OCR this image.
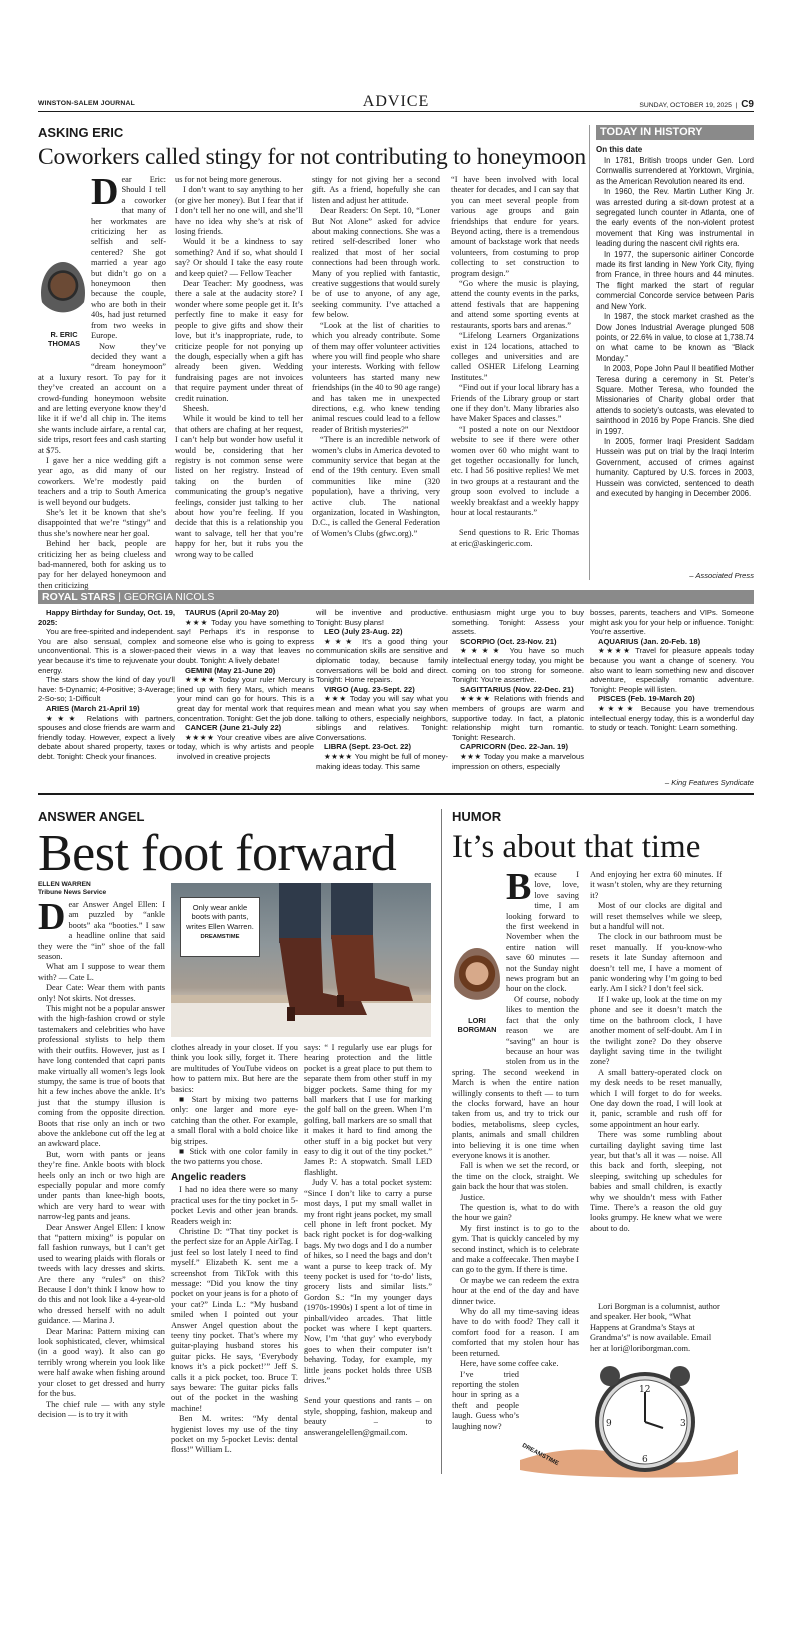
WINSTON-SALEM JOURNAL	ADVICE	SUNDAY, OCTOBER 19, 2025  |  C9
ASKING ERIC
Coworkers called stingy for not contributing to honeymoon

Dear Eric: Should I tell a coworker that many of her workmates are criticizing her as selfish and self-centered? She got married a year ago but didn’t go on a honeymoon then because the couple, who are both in their 40s, had just returned from two weeks in Europe.

Now they’ve decided they want a “dream honeymoon” at a luxury resort. To pay for it they’ve created an account on a crowd-funding honeymoon website and are letting everyone know they’d like it if we’d all chip in. The items she wants include airfare, a rental car, side trips, resort fees and cash starting at $75.

I gave her a nice wedding gift a year ago, as did many of our coworkers. We’re modestly paid teachers and a trip to South America is well beyond our budgets.

She’s let it be known that she’s disappointed that we’re “stingy” and thus she’s nowhere near her goal.

Behind her back, people are criticizing her as being clueless and bad-mannered, both for asking us to pay for her delayed honeymoon and then criticizing

R. ERIC
THOMAS

us for not being more generous.

I don’t want to say anything to her (or give her money). But I fear that if I don’t tell her no one will, and she’ll have no idea why she’s at risk of losing friends.

Would it be a kindness to say something? And if so, what should I say? Or should I take the easy route and keep quiet? — Fellow Teacher

Dear Teacher: My goodness, was there a sale at the audacity store? I wonder where some people get it. It’s perfectly fine to make it easy for people to give gifts and show their love, but it’s inappropriate, rude, to criticize people for not ponying up the dough, especially when a gift has already been given. Wedding fundraising pages are not invoices that require payment under threat of credit ruination.

Sheesh.

While it would be kind to tell her that others are chafing at her request, I can’t help but wonder how useful it would be, considering that her registry is not common sense were listed on her registry. Instead of taking on the burden of communicating the group’s negative feelings, consider just talking to her about how you’re feeling. If you decide that this is a relationship you want to salvage, tell her that you’re happy for her, but it rubs you the wrong way to be called

stingy for not giving her a second gift. As a friend, hopefully she can listen and adjust her attitude.

Dear Readers: On Sept. 10, “Loner But Not Alone” asked for advice about making connections. She was a retired self-described loner who realized that most of her social connections had been through work. Many of you replied with fantastic, creative suggestions that would surely be of use to anyone, of any age, seeking community. I’ve attached a few below.

“Look at the list of charities to which you already contribute. Some of them may offer volunteer activities where you will find people who share your interests. Working with fellow volunteers has started many new friendships (in the 40 to 90 age range) and has taken me in unexpected directions, e.g. who knew tending animal rescues could lead to a fellow reader of British mysteries?”

“There is an incredible network of women’s clubs in America devoted to community service that began at the end of the 19th century. Even small communities like mine (320 population), have a thriving, very active club. The national organization, located in Washington, D.C., is called the General Federation of Women’s Clubs (gfwc.org).”

“I have been involved with local theater for decades, and I can say that you can meet several people from various age groups and gain friendships that endure for years. Beyond acting, there is a tremendous amount of backstage work that needs volunteers, from costuming to prop collecting to set construction to program design.”

“Go where the music is playing, attend the county events in the parks, attend festivals that are happening and attend some sporting events at restaurants, sports bars and arenas.”

“Lifelong Learners Organizations exist in 124 locations, attached to colleges and universities and are called OSHER Lifelong Learning Institutes.”

“Find out if your local library has a Friends of the Library group or start one if they don’t. Many libraries also have Maker Spaces and classes.”

“I posted a note on our Nextdoor website to see if there were other women over 60 who might want to get together occasionally for lunch, etc. I had 56 positive replies! We met in two groups at a restaurant and the group soon evolved to include a weekly breakfast and a weekly happy hour at local restaurants.”

Send questions to R. Eric Thomas at eric@askingeric.com.

TODAY IN HISTORY
On this date

In 1781, British troops under Gen. Lord Cornwallis surrendered at Yorktown, Virginia, as the American Revolution neared its end.

In 1960, the Rev. Martin Luther King Jr. was arrested during a sit-down protest at a segregated lunch counter in Atlanta, one of the early events of the non-violent protest movement that King was instrumental in leading during the nascent civil rights era.

In 1977, the supersonic airliner Concorde made its first landing in New York City, flying from France, in three hours and 44 minutes. The flight marked the start of regular commercial Concorde service between Paris and New York.

In 1987, the stock market crashed as the Dow Jones Industrial Average plunged 508 points, or 22.6% in value, to close at 1,738.74 on what came to be known as “Black Monday.”

In 2003, Pope John Paul II beatified Mother Teresa during a ceremony in St. Peter’s Square. Mother Teresa, who founded the Missionaries of Charity global order that attends to society’s outcasts, was elevated to sainthood in 2016 by Pope Francis. She died in 1997.

In 2005, former Iraqi President Saddam Hussein was put on trial by the Iraqi Interim Government, accused of crimes against humanity. Captured by U.S. forces in 2003, Hussein was convicted, sentenced to death and executed by hanging in December 2006.

– Associated Press
ROYAL STARS | GEORGIA NICOLS

Happy Birthday for Sunday, Oct. 19, 2025:

You are free-spirited and independent. You are also sensual, complex and unconventional. This is a slower-paced year because it’s time to rejuvenate your energy.

The stars show the kind of day you’ll have: 5-Dynamic; 4-Positive; 3-Average; 2-So-so; 1-Difficult

ARIES (March 21-April 19)

★★★ Relations with partners, spouses and close friends are warm and friendly today. However, expect a lively debate about shared property, taxes or debt. Tonight: Check your finances.

TAURUS (April 20-May 20)

★★★ Today you have something to say! Perhaps it’s in response to someone else who is going to express their views in a way that leaves no doubt. Tonight: A lively debate!

GEMINI (May 21-June 20)

★★★★ Today your ruler Mercury is lined up with fiery Mars, which means your mind can go for hours. This is a great day for mental work that requires concentration. Tonight: Get the job done.

CANCER (June 21-July 22)

★★★★ Your creative vibes are alive today, which is why artists and people involved in creative projects

will be inventive and productive. Tonight: Busy plans!

LEO (July 23-Aug. 22)

★★★ It’s a good thing your communication skills are sensitive and diplomatic today, because family conversations will be bold and direct. Tonight: Home repairs.

VIRGO (Aug. 23-Sept. 22)

★★★ Today you will say what you mean and mean what you say when talking to others, especially neighbors, siblings and relatives. Tonight: Conversations.

LIBRA (Sept. 23-Oct. 22)

★★★★ You might be full of money-making ideas today. This same

enthusiasm might urge you to buy something. Tonight: Assess your assets.

SCORPIO (Oct. 23-Nov. 21)

★★★★ You have so much intellectual energy today, you might be coming on too strong for someone. Tonight: You’re assertive.

SAGITTARIUS (Nov. 22-Dec. 21)

★★★★ Relations with friends and members of groups are warm and supportive today. In fact, a platonic relationship might turn romantic. Tonight: Research.

CAPRICORN (Dec. 22-Jan. 19)

★★★ Today you make a marvelous impression on others, especially

bosses, parents, teachers and VIPs. Someone might ask you for your help or influence. Tonight: You’re assertive.

AQUARIUS (Jan. 20-Feb. 18)

★★★★ Travel for pleasure appeals today because you want a change of scenery. You also want to learn something new and discover adventure, especially romantic adventure. Tonight: People will listen.

PISCES (Feb. 19-March 20)

★★★★ Because you have tremendous intellectual energy today, this is a wonderful day to study or teach. Tonight: Learn something.

– King Features Syndicate
ANSWER ANGEL
Best foot forward
ELLEN WARREN
Tribune News Service

Dear Answer Angel Ellen: I am puzzled by “ankle boots” aka “booties.” I saw a headline online that said they were the “in” shoe of the fall season.

What am I suppose to wear them with? — Cate L.

Dear Cate: Wear them with pants only! Not skirts. Not dresses.

This might not be a popular answer with the high-fashion crowd or style tastemakers and celebrities who have professional stylists to help them with their outfits. However, just as I have long contended that capri pants make virtually all women’s legs look stumpy, the same is true of boots that hit a few inches above the ankle. It’s just that the stumpy illusion is coming from the opposite direction. Boots that rise only an inch or two above the anklebone cut off the leg at an awkward place.

But, worn with pants or jeans they’re fine. Ankle boots with block heels only an inch or two high are especially popular and more comfy under pants than knee-high boots, which are very hard to wear with narrow-leg pants and jeans.

Dear Answer Angel Ellen: I know that “pattern mixing” is popular on fall fashion runways, but I can’t get used to wearing plaids with florals or tweeds with lacy dresses and skirts. Are there any “rules” on this? Because I don’t think I know how to do this and not look like a 4-year-old who dressed herself with no adult guidance. — Marina J.

Dear Marina: Pattern mixing can look sophisticated, clever, whimsical (in a good way). It also can go terribly wrong wherein you look like were half awake when fishing around your closet to get dressed and hurry for the bus.

The chief rule — with any style decision — is to try it with

Only wear ankle boots with pants, writes Ellen Warren.
DREAMSTIME

clothes already in your closet. If you think you look silly, forget it. There are multitudes of YouTube videos on how to pattern mix. But here are the basics:

■ Start by mixing two patterns only: one larger and more eye-catching than the other. For example, a small floral with a bold choice like big stripes.

■ Stick with one color family in the two patterns you chose.

Angelic readers

I had no idea there were so many practical uses for the tiny pocket in 5-pocket Levis and other jean brands. Readers weigh in:

Christine D: “That tiny pocket is the perfect size for an Apple AirTag. I just feel so lost lately I need to find myself.” Elizabeth K. sent me a screenshot from TikTok with this message: “Did you know the tiny pocket on your jeans is for a photo of your cat?” Linda L.: “My husband smiled when I pointed out your Answer Angel question about the teeny tiny pocket. That’s where my guitar-playing husband stores his guitar picks. He says, ‘Everybody knows it’s a pick pocket!’” Jeff S. calls it a pick pocket, too. Bruce T. says beware: The guitar picks falls out of the pocket in the washing machine!

Ben M. writes: “My dental hygienist loves my use of the tiny pocket on my 5-pocket Levis: dental floss!” William L.

says: “ I regularly use ear plugs for hearing protection and the little pocket is a great place to put them to separate them from other stuff in my bigger pockets. Same thing for my ball markers that I use for marking the golf ball on the green. When I’m golfing, ball markers are so small that it makes it hard to find among the other stuff in a big pocket but very easy to dig it out of the tiny pocket.” James P.: A stopwatch. Small LED flashlight.

Judy V. has a total pocket system: “Since I don’t like to carry a purse most days, I put my small wallet in my front right jeans pocket, my small cell phone in left front pocket. My back right pocket is for dog-walking bags. My two dogs and I do a number of hikes, so I need the bags and don’t want a purse to keep track of. My teeny pocket is used for ‘to-do’ lists, grocery lists and similar lists.” Gordon S.: “In my younger days (1970s-1990s) I spent a lot of time in pinball/video arcades. That little pocket was where I kept quarters. Now, I’m ‘that guy’ who everybody goes to when their computer isn’t behaving. Today, for example, my little jeans pocket holds three USB drives.”

Send your questions and rants – on style, shopping, fashion, makeup and beauty – to answerangelellen@gmail.com.

HUMOR
It’s about that time

Because I love, love, love saving time, I am looking forward to the first weekend in November when the entire nation will save 60 minutes — not the Sunday night news program but an hour on the clock.

Of course, nobody likes to mention the fact that the only reason we are “saving” an hour is because an hour was stolen from us in the spring. The second weekend in March is when the entire nation willingly consents to theft — to turn the clocks forward, have an hour taken from us, and try to trick our bodies, metabolisms, sleep cycles, plants, animals and small children into believing it is one time when everyone knows it is another.

Fall is when we set the record, or the time on the clock, straight. We gain back the hour that was stolen.

Justice.

The question is, what to do with the hour we gain?

My first instinct is to go to the gym. That is quickly canceled by my second instinct, which is to celebrate and make a coffeecake. Then maybe I can go to the gym. If there is time.

Or maybe we can redeem the extra hour at the end of the day and have dinner twice.

Why do all my time-saving ideas have to do with food? They call it comfort food for a reason. I am comforted that my stolen hour has been returned.

Here, have some coffee cake.

I’ve tried reporting the stolen hour in spring as a theft and people laugh. Guess who’s laughing now?

LORI
BORGMAN

And enjoying her extra 60 minutes. If it wasn’t stolen, why are they returning it?

Most of our clocks are digital and will reset themselves while we sleep, but a handful will not.

The clock in our bathroom must be reset manually. If you-know-who resets it late Sunday afternoon and doesn’t tell me, I have a moment of panic wondering why I’m going to bed early. Am I sick? I don’t feel sick.

If I wake up, look at the time on my phone and see it doesn’t match the time on the bathroom clock, I have another moment of self-doubt. Am I in the twilight zone? Do they observe daylight saving time in the twilight zone?

A small battery-operated clock on my desk needs to be reset manually, which I will forget to do for weeks. One day down the road, I will look at it, panic, scramble and rush off for some appointment an hour early.

There was some rumbling about curtailing daylight saving time last year, but that’s all it was — noise. All this back and forth, sleeping, not sleeping, switching up schedules for babies and small children, is exactly why we shouldn’t mess with Father Time. There’s a reason the old guy looks grumpy. He knew what we were about to do.

Lori Borgman is a columnist, author and speaker. Her book, “What Happens at Grandma’s Stays at Grandma’s” is now available. Email her at lori@loriborgman.com.

12
3
6
9
DREAMSTIME
